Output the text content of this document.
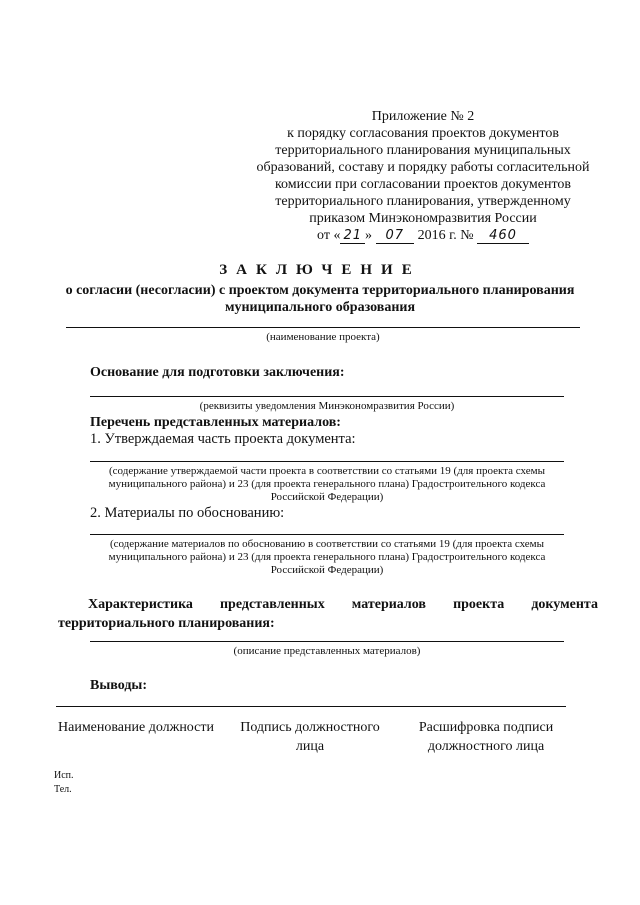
Приложение № 2
к порядку согласования проектов документов
территориального планирования муниципальных
образований, составу и порядку работы согласительной
комиссии при согласовании проектов документов
территориального планирования, утвержденному
приказом Минэкономразвития России
от « 21 » 07 2016 г. № 460
ЗАКЛЮЧЕНИЕ
о согласии (несогласии) с проектом документа территориального планирования
муниципального образования
(наименование проекта)
Основание для подготовки заключения:
(реквизиты уведомления Минэкономразвития России)
Перечень представленных материалов:
1. Утверждаемая часть проекта документа:
(содержание утверждаемой части проекта в соответствии со статьями 19 (для проекта схемы
муниципального района) и 23 (для проекта генерального плана) Градостроительного кодекса
Российской Федерации)
2. Материалы по обоснованию:
(содержание материалов по обоснованию в соответствии со статьями 19 (для проекта схемы
муниципального района) и 23 (для проекта генерального плана) Градостроительного кодекса
Российской Федерации)
Характеристика представленных материалов проекта документа
территориального планирования:
(описание представленных материалов)
Выводы:
Наименование должности	Подпись должностного
лица
Расшифровка подписи
должностного лица
Исп.
Тел.
